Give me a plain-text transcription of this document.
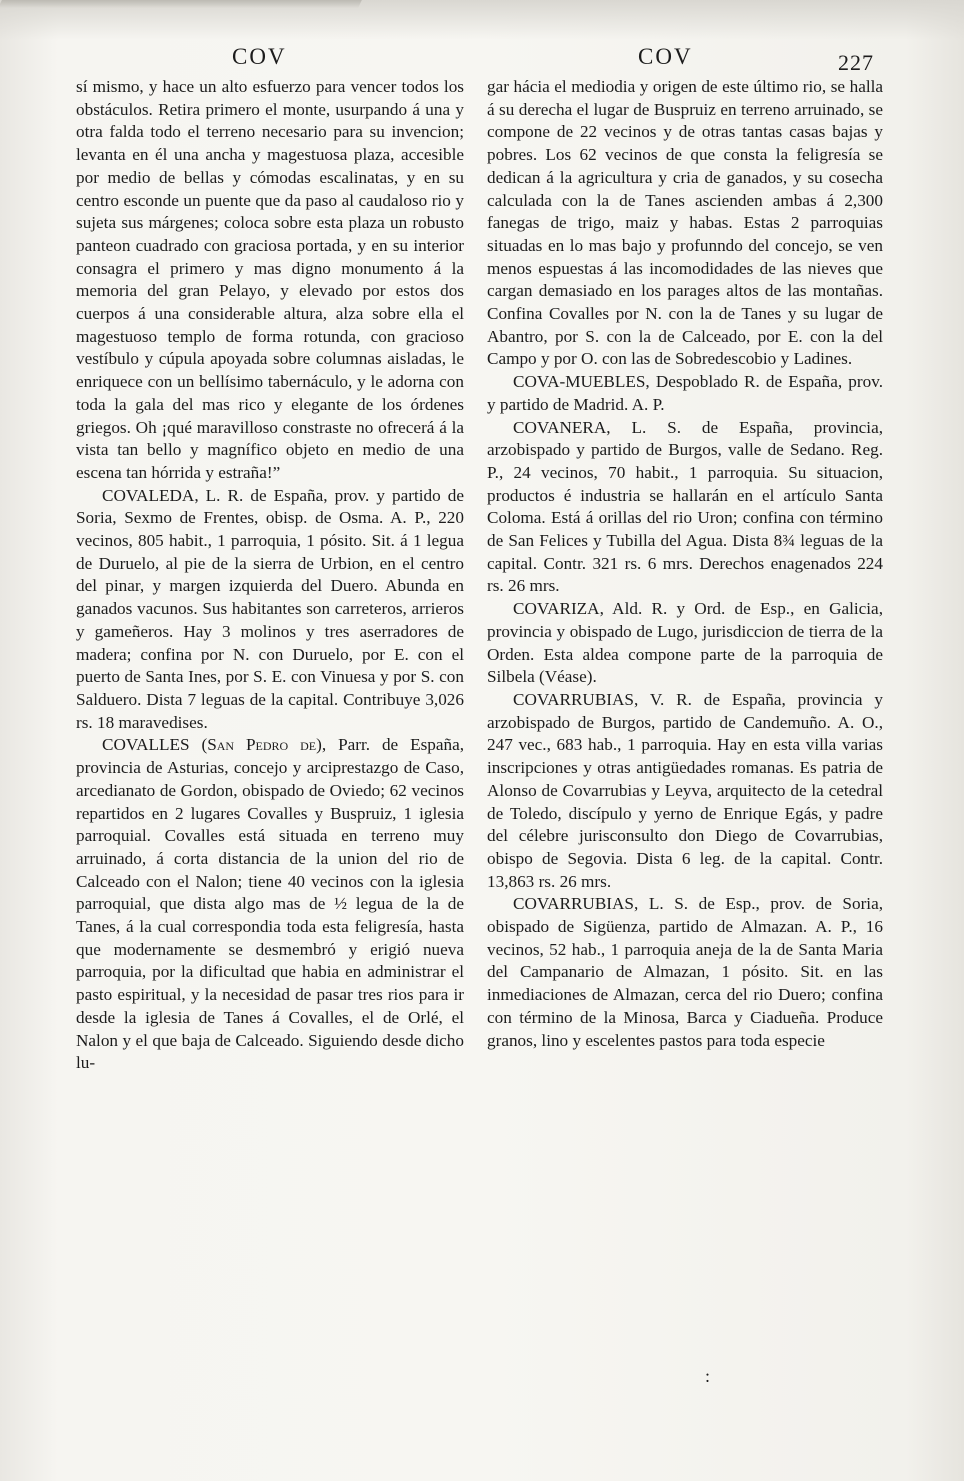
COV	COV	227

sí mismo, y hace un alto esfuerzo para vencer todos los obstáculos. Retira primero el monte, usurpando á una y otra falda todo el terreno necesario para su invencion; levanta en él una ancha y magestuosa plaza, accesible por medio de bellas y cómodas escalinatas, y en su centro esconde un puente que da paso al caudaloso rio y sujeta sus márgenes; coloca sobre esta plaza un robusto panteon cuadrado con graciosa portada, y en su interior consagra el primero y mas digno monumento á la memoria del gran Pelayo, y elevado por estos dos cuerpos á una considerable altura, alza sobre ella el magestuoso templo de forma rotunda, con gracioso vestíbulo y cúpula apoyada sobre columnas aisladas, le enriquece con un bellísimo tabernáculo, y le adorna con toda la gala del mas rico y elegante de los órdenes griegos. Oh ¡qué maravilloso constraste no ofrecerá á la vista tan bello y magnífico objeto en medio de una escena tan hórrida y estraña!”

COVALEDA, L. R. de España, prov. y partido de Soria, Sexmo de Frentes, obisp. de Osma. A. P., 220 vecinos, 805 habit., 1 parroquia, 1 pósito. Sit. á 1 legua de Duruelo, al pie de la sierra de Urbion, en el centro del pinar, y margen izquierda del Duero. Abunda en ganados vacunos. Sus habitantes son carreteros, arrieros y gameñeros. Hay 3 molinos y tres aserradores de madera; confina por N. con Duruelo, por E. con el puerto de Santa Ines, por S. E. con Vinuesa y por S. con Salduero. Dista 7 leguas de la capital. Contribuye 3,026 rs. 18 maravedises.

COVALLES (San Pedro de), Parr. de España, provincia de Asturias, concejo y arciprestazgo de Caso, arcedianato de Gordon, obispado de Oviedo; 62 vecinos repartidos en 2 lugares Covalles y Buspruiz, 1 iglesia parroquial. Covalles está situada en terreno muy arruinado, á corta distancia de la union del rio de Calceado con el Nalon; tiene 40 vecinos con la iglesia parroquial, que dista algo mas de ½ legua de la de Tanes, á la cual correspondia toda esta feligresía, hasta que modernamente se desmembró y erigió nueva parroquia, por la dificultad que habia en administrar el pasto espiritual, y la necesidad de pasar tres rios para ir desde la iglesia de Tanes á Covalles, el de Orlé, el Nalon y el que baja de Calceado. Siguiendo desde dicho lu-

gar hácia el mediodia y origen de este último rio, se halla á su derecha el lugar de Buspruiz en terreno arruinado, se compone de 22 vecinos y de otras tantas casas bajas y pobres. Los 62 vecinos de que consta la feligresía se dedican á la agricultura y cria de ganados, y su cosecha calculada con la de Tanes ascienden ambas á 2,300 fanegas de trigo, maiz y habas. Estas 2 parroquias situadas en lo mas bajo y profunndo del concejo, se ven menos espuestas á las incomodidades de las nieves que cargan demasiado en los parages altos de las montañas. Confina Covalles por N. con la de Tanes y su lugar de Abantro, por S. con la de Calceado, por E. con la del Campo y por O. con las de Sobredescobio y Ladines.

COVA-MUEBLES, Despoblado R. de España, prov. y partido de Madrid. A. P.

COVANERA, L. S. de España, provincia, arzobispado y partido de Burgos, valle de Sedano. Reg. P., 24 vecinos, 70 habit., 1 parroquia. Su situacion, productos é industria se hallarán en el artículo Santa Coloma. Está á orillas del rio Uron; confina con término de San Felices y Tubilla del Agua. Dista 8¾ leguas de la capital. Contr. 321 rs. 6 mrs. Derechos enagenados 224 rs. 26 mrs.

COVARIZA, Ald. R. y Ord. de Esp., en Galicia, provincia y obispado de Lugo, jurisdiccion de tierra de la Orden. Esta aldea compone parte de la parroquia de Silbela (Véase).

COVARRUBIAS, V. R. de España, provincia y arzobispado de Burgos, partido de Candemuño. A. O., 247 vec., 683 hab., 1 parroquia. Hay en esta villa varias inscripciones y otras antigüedades romanas. Es patria de Alonso de Covarrubias y Leyva, arquitecto de la cetedral de Toledo, discípulo y yerno de Enrique Egás, y padre del célebre jurisconsulto don Diego de Covarrubias, obispo de Segovia. Dista 6 leg. de la capital. Contr. 13,863 rs. 26 mrs.

COVARRUBIAS, L. S. de Esp., prov. de Soria, obispado de Sigüenza, partido de Almazan. A. P., 16 vecinos, 52 hab., 1 parroquia aneja de la de Santa Maria del Campanario de Almazan, 1 pósito. Sit. en las inmediaciones de Almazan, cerca del rio Duero; confina con término de la Minosa, Barca y Ciadueña. Produce granos, lino y escelentes pastos para toda especie

:
